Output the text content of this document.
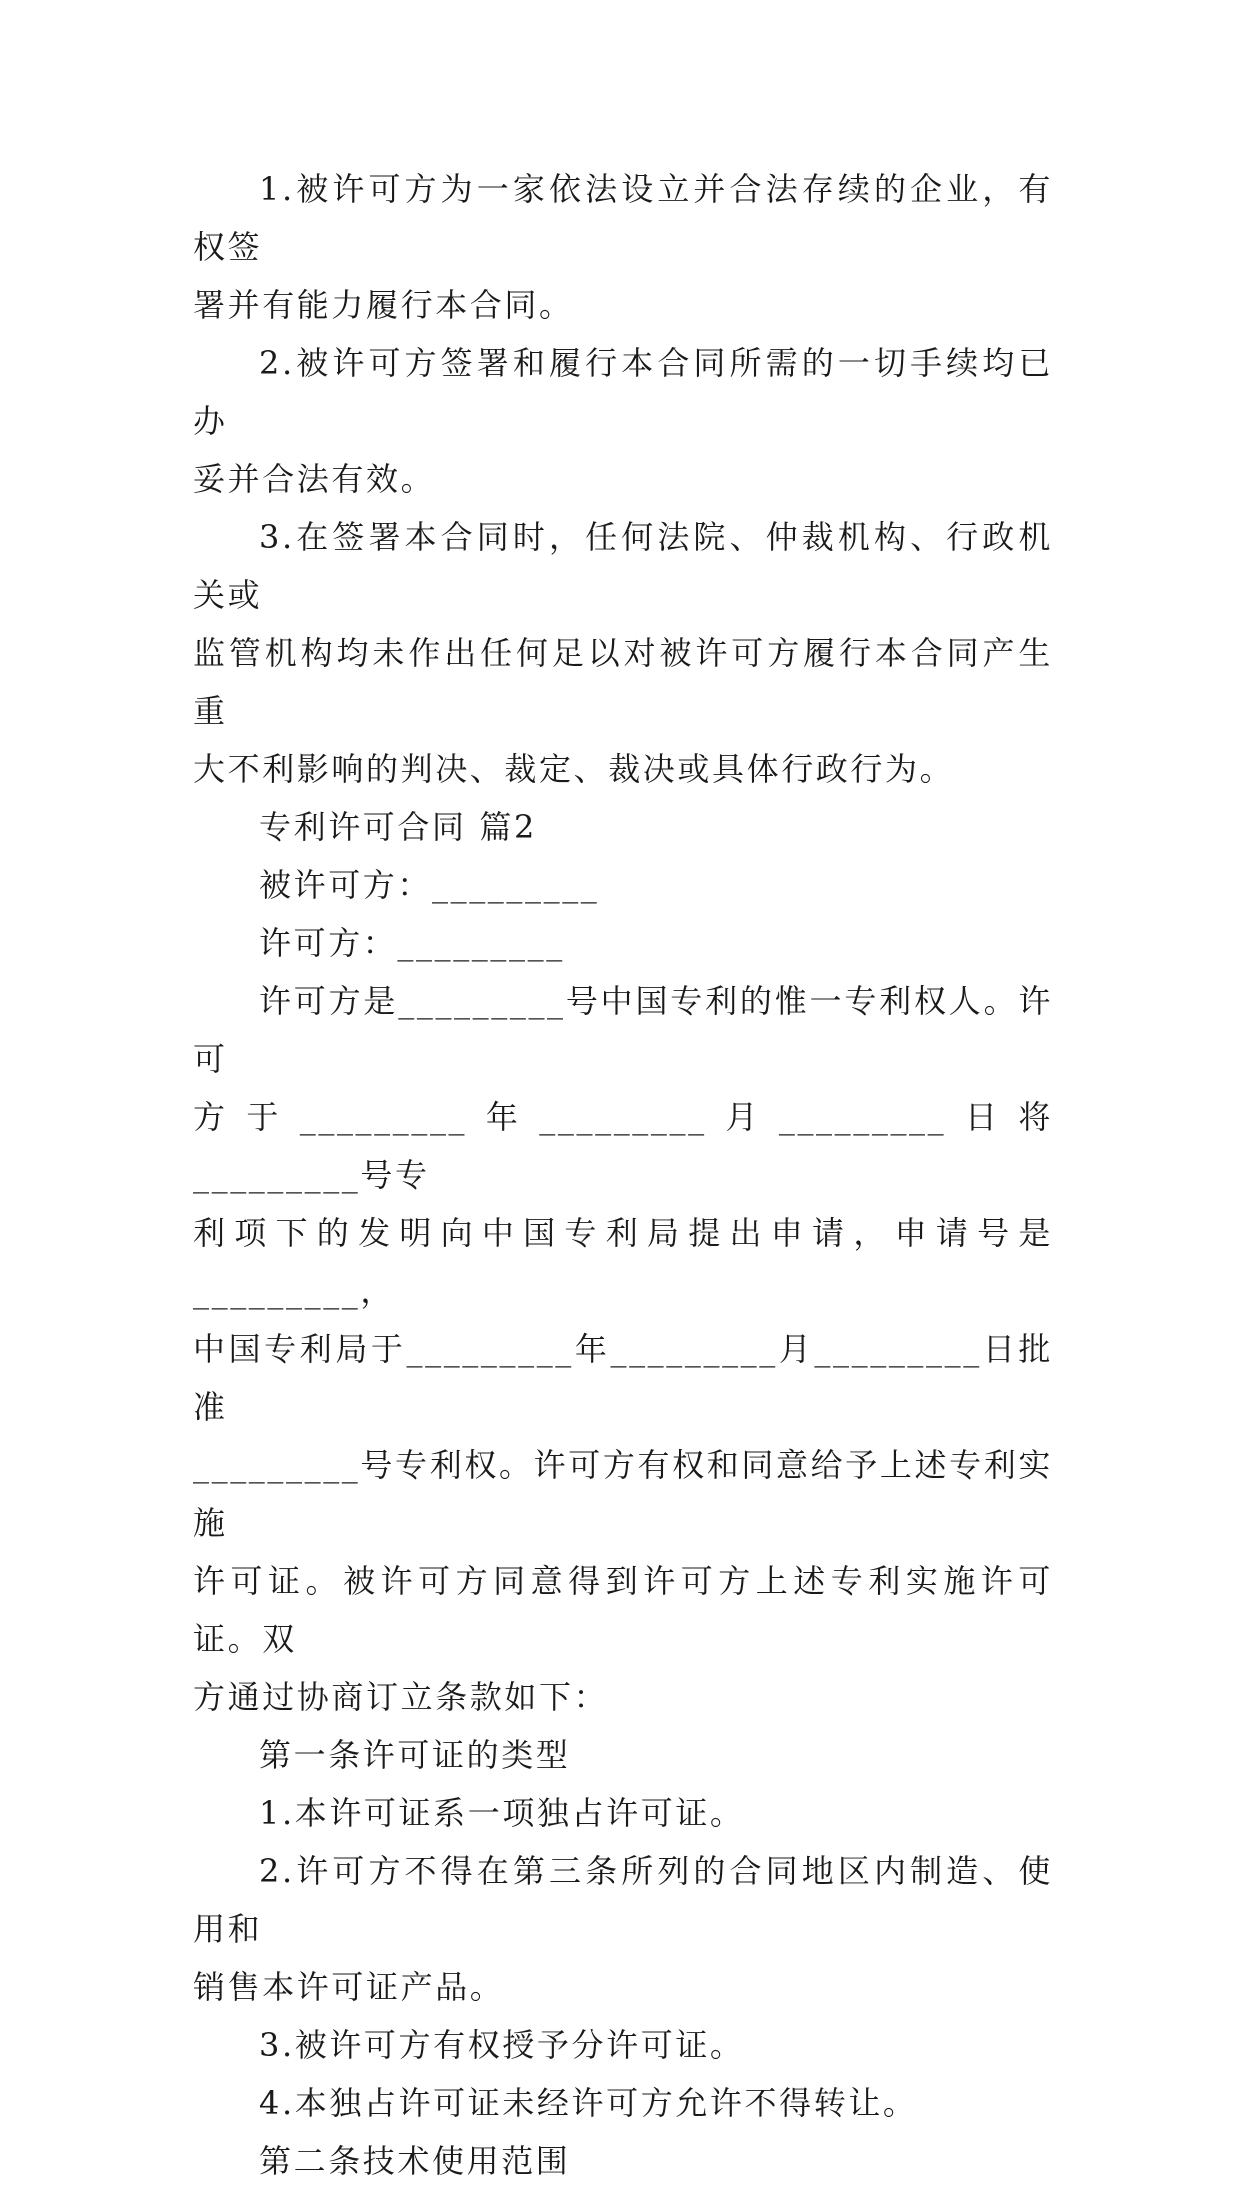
1.被许可方为一家依法设立并合法存续的企业，有权签
署并有能力履行本合同。

2.被许可方签署和履行本合同所需的一切手续均已办
妥并合法有效。

3.在签署本合同时，任何法院、仲裁机构、行政机关或
监管机构均未作出任何足以对被许可方履行本合同产生重
大不利影响的判决、裁定、裁决或具体行政行为。

专利许可合同 篇2

被许可方：_________

许可方：_________

许可方是_________号中国专利的惟一专利权人。许可
方于_________年_________月_________日将_________号专
利项下的发明向中国专利局提出申请，申请号是_________，
中国专利局于_________年_________月_________日批准
_________号专利权。许可方有权和同意给予上述专利实施
许可证。被许可方同意得到许可方上述专利实施许可证。双
方通过协商订立条款如下：

第一条许可证的类型

1.本许可证系一项独占许可证。

2.许可方不得在第三条所列的合同地区内制造、使用和
销售本许可证产品。

3.被许可方有权授予分许可证。

4.本独占许可证未经许可方允许不得转让。

第二条技术使用范围
